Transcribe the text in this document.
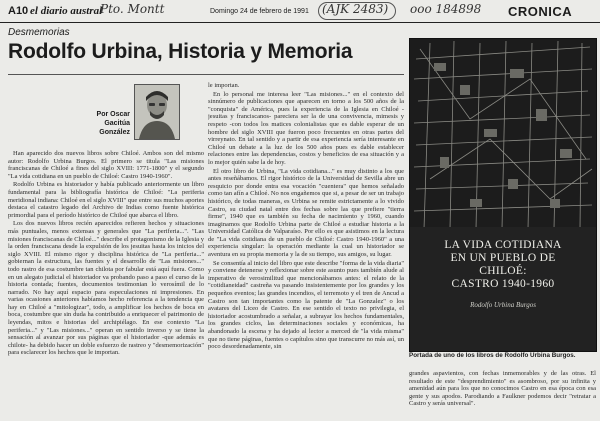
A10 el diario austral
Pto. Montt	Domingo 24 de febrero de 1991 (AJK 2483) ooo 184898 CRONICA
Desmemorias
Rodolfo Urbina, Historia y Memoria
Por Oscar
Gacitúa González

Han aparecido dos nuevos libros sobre Chiloé. Ambos son del mismo autor: Rodolfo Urbina Burgos. El primero se titula "Las misiones franciscanas de Chiloé a fines del siglo XVIII: 1771-1800" y el segundo "La vida cotidiana en un pueblo de Chiloé: Castro 1940-1960".

Rodolfo Urbina es historiador y había publicado anteriormente un libro fundamental para la bibliografía histórica de Chiloé: "La periferia meridional indiana: Chiloé en el siglo XVIII" que entre sus muchos aportes destaca el catastro legado del Archivo de Indias como fuente histórica primordial para el período histórico de Chiloé que abarca el libro.

Los dos nuevos libros recién aparecidos refieren hechos y situaciones más puntuales, menos extensas y generales que "La periferia...". "Las misiones franciscanas de Chiloé..." describe el protagonismo de la Iglesia y la orden franciscana desde la expulsión de los jesuitas hasta los inicios del siglo XVIII. El mismo rigor y disciplina histórica de "La periferia..." gobiernan la estructura, las fuentes y el desarrollo de "Las misiones..." todo rastro de esa costumbre tan chilota por fabular está aquí fuera. Como en un alegato judicial el historiador va probando paso a paso el curso de la historia contada; fuentes, documentos testimonian lo verosímil de lo narrado. No hay aquí espacio para especulaciones ni impresiones. En varias ocasiones anteriores habíamos hecho referencia a la tendencia que hay en Chiloé a "mitologizar", todo, a amplificar los hechos de boca en boca, costumbre que sin duda ha contribuido a enriquecer el patrimonio de leyendas, mitos e historias del archipiélago. En ese contexto "La periferia..." y "Las misiones..." operan en sentido inverso y se tiene la sensación al avanzar por sus páginas que el historiador -que además es chilote- ha debido hacer un doble esfuerzo de rastreo y "desmemorización" para esclarecer los hechos que le importan.

le importan.

En lo personal me interesa leer "Las misiones..." en el contexto del sinnúmero de publicaciones que aparecen en torno a los 500 años de la "conquista" de América, pues la experiencia de la Iglesia en Chiloé -jesuitas y franciscanos- pareciera ser la de una convivencia, mimesis y respeto -con todos los matices colonialistas que es dable esperar de un hombre del siglo XVIII que fueron poco frecuentes en otras partes del virreynato. En tal sentido y a partir de esa experiencia sería interesante en Chiloé un debate a la luz de los 500 años pues es dable establecer relaciones entre las dependencias, costos y beneficios de esa situación y a lo mejor quién sabe la de hoy.

El otro libro de Urbina, "La vida cotidiana..." es muy distinto a los que antes reseñábamos. El rigor histórico de la Universidad de Sevilla abre un resquicio por donde entra esa vocación "cuentera" que hemos señalado como tan afín a Chiloé. No nos engañemos que si, a pesar de ser un trabajo histórico, de todas maneras, es Urbina se remite estrictamente a lo vivido Castro, su ciudad natal entre dos fechas sobre las que prefiere "tierra firme", 1940 que es también su fecha de nacimiento y 1960, cuando imaginamos que Rodolfo Urbina parte de Chiloé a estudiar historia a la Universidad Católica de Valparaíso. Por ello es que asistimos en la lectura de "La vida cotidiana de un pueblo de Chiloé: Castro 1940-1960" a una experiencia singular: la operación mediante la cual un historiador se aventura en su propia memoria y la de su tiempo, sus amigos, su lugar.

Se consentía al inicio del libro que este describe "forma de la vida diaria" y conviene detenerse y reflexionar sobre este asunto pues también alude al imperativo de verosimilitud que mencionábamos antes: el relato de la "cotidianeidad" castreña va pasando insistentemente por los grandes y los pequeños eventos; las grandes incendios, el terremoto y el tren de Ancud a Castro son tan importantes como la patente de "La Gonzalez" o los avatares del Liceo de Castro. En ese sentido el texto no privilegia, el historiador acostumbrado a señalar, a subrayar los hechos fundamentales, los grandes ciclos, las determinaciones sociales y económicas, ha abandonado la escena y ha dejado al lector a merced de "la vida misma" que no tiene páginas, fuentes o capítulos sino que transcurre no más así, un poco desordenadamente, sin

LA VIDA COTIDIANA
EN UN PUEBLO DE
CHILOÉ:
CASTRO 1940-1960
Rodolfo Urbina Burgos
Portada de uno de los libros de Rodolfo Urbina Burgos.

grandes aspavientos, con fechas inmemorables y de las otras. El resultado de este "desprendimiento" es asombroso, por su infinita y amenidad aún para los que no conocimos Castro en esa época con esa gente y sus apodos. Parodiando a Faulkner podemos decir "retratar a Castro y serás universal".
